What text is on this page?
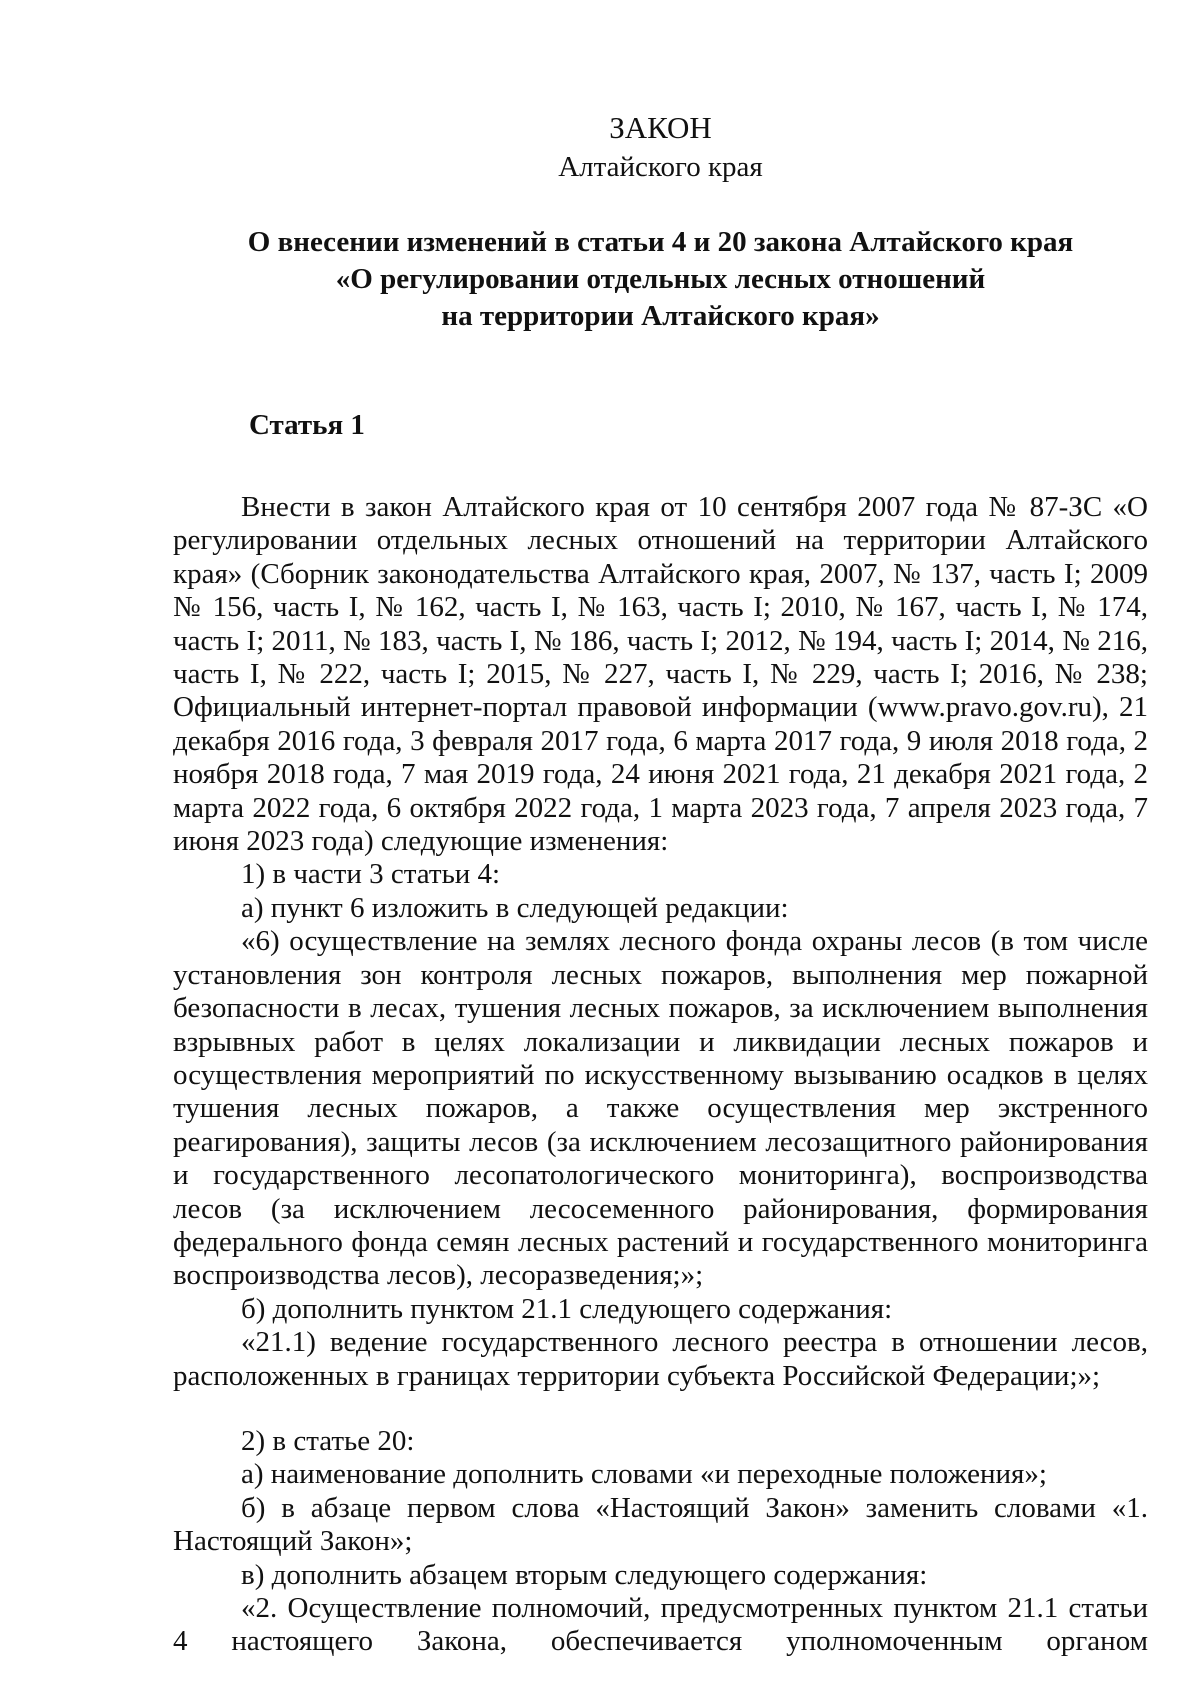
ЗАКОН
Алтайского края
О внесении изменений в статьи 4 и 20 закона Алтайского края
«О регулировании отдельных лесных отношений
на территории Алтайского края»
Статья 1

Внести в закон Алтайского края от 10 сентября 2007 года № 87-ЗС «О регулировании отдельных лесных отношений на территории Алтайского края» (Сборник законодательства Алтайского края, 2007, № 137, часть I; 2009 № 156, часть I, № 162, часть I, № 163, часть I; 2010, № 167, часть I, № 174, часть I; 2011, № 183, часть I, № 186, часть I; 2012, № 194, часть I; 2014, № 216, часть I, № 222, часть I; 2015, № 227, часть I, № 229, часть I; 2016, № 238; Официальный интернет-портал правовой информации (www.pravo.gov.ru), 21 декабря 2016 года, 3 февраля 2017 года, 6 марта 2017 года, 9 июля 2018 года, 2 ноября 2018 года, 7 мая 2019 года, 24 июня 2021 года, 21 декабря 2021 года, 2 марта 2022 года, 6 октября 2022 года, 1 марта 2023 года, 7 апреля 2023 года, 7 июня 2023 года) следующие изменения:

1) в части 3 статьи 4:

а) пункт 6 изложить в следующей редакции:

«6) осуществление на землях лесного фонда охраны лесов (в том числе установления зон контроля лесных пожаров, выполнения мер пожарной безопасности в лесах, тушения лесных пожаров, за исключением выполнения взрывных работ в целях локализации и ликвидации лесных пожаров и осуществления мероприятий по искусственному вызыванию осадков в целях тушения лесных пожаров, а также осуществления мер экстренного реагирования), защиты лесов (за исключением лесозащитного районирования и государственного лесопатологического мониторинга), воспроизводства лесов (за исключением лесосеменного районирования, формирования федерального фонда семян лесных растений и государственного мониторинга воспроизводства лесов), лесоразведения;»;

б) дополнить пунктом 21.1 следующего содержания:

«21.1) ведение государственного лесного реестра в отношении лесов, расположенных в границах территории субъекта Российской Федерации;»;

2) в статье 20:

а) наименование дополнить словами «и переходные положения»;

б) в абзаце первом слова «Настоящий Закон» заменить словами «1. Настоящий Закон»;

в) дополнить абзацем вторым следующего содержания:

«2. Осуществление полномочий, предусмотренных пунктом 21.1 статьи 4 настоящего Закона, обеспечивается уполномоченным органом
